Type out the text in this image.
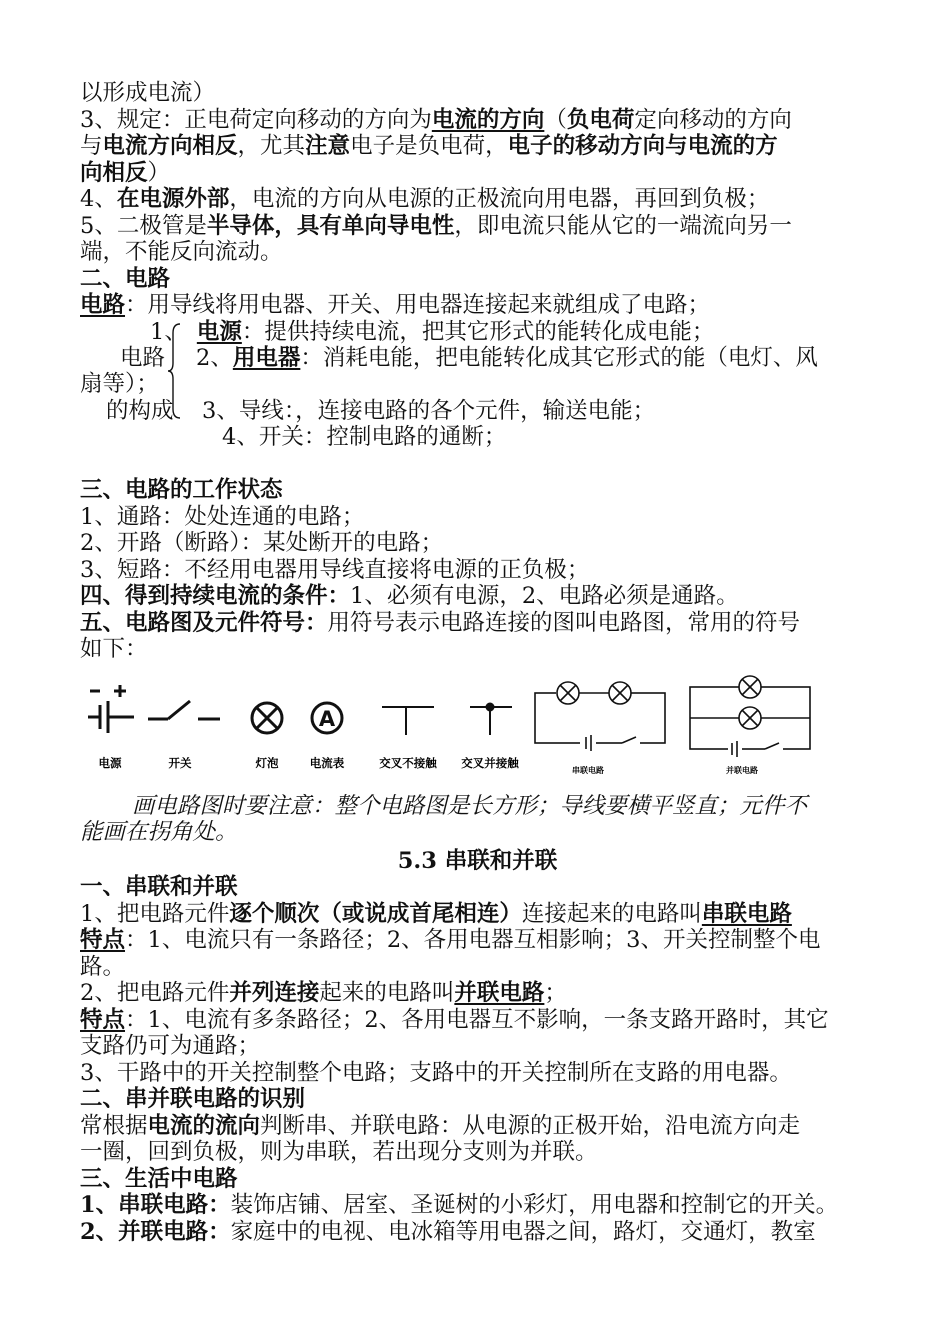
以形成电流）
3、规定：正电荷定向移动的方向为电流的方向（负电荷定向移动的方向
与电流方向相反，尤其注意电子是负电荷，电子的移动方向与电流的方
向相反）
4、在电源外部，电流的方向从电源的正极流向用电器，再回到负极；
5、二极管是半导体，具有单向导电性，即电流只能从它的一端流向另一
端，不能反向流动。
二、电路
电路：用导线将用电器、开关、用电器连接起来就组成了电路；
1、 电源：提供持续电流，把其它形式的能转化成电能；
电路 2、用电器：消耗电能，把电能转化成其它形式的能（电灯、风
扇等）；
的构成 3、导线：，连接电路的各个元件，输送电能；
4、开关：控制电路的通断；
三、电路的工作状态
1、通路：处处连通的电路；
2、开路（断路）：某处断开的电路；
3、短路：不经用电器用导线直接将电源的正负极；
四、得到持续电流的条件：1、必须有电源，2、电路必须是通路。
五、电路图及元件符号：用符号表示电路连接的图叫电路图，常用的符号
如下：
A
电源	开关	灯泡	电流表	交叉不接触 交叉并接触
串联电路	并联电路
画电路图时要注意：整个电路图是长方形；导线要横平竖直；元件不
能画在拐角处。
5.3 串联和并联
一、串联和并联
1、把电路元件逐个顺次（或说成首尾相连）连接起来的电路叫串联电路
特点：1、电流只有一条路径；2、各用电器互相影响；3、开关控制整个电
路。
2、把电路元件并列连接起来的电路叫并联电路；
特点：1、电流有多条路径；2、各用电器互不影响，一条支路开路时，其它
支路仍可为通路；
3、干路中的开关控制整个电路；支路中的开关控制所在支路的用电器。
二、串并联电路的识别
常根据电流的流向判断串、并联电路：从电源的正极开始，沿电流方向走
一圈，回到负极，则为串联，若出现分支则为并联。
三、生活中电路
1、串联电路：装饰店铺、居室、圣诞树的小彩灯，用电器和控制它的开关。
2、并联电路：家庭中的电视、电冰箱等用电器之间，路灯，交通灯，教室
